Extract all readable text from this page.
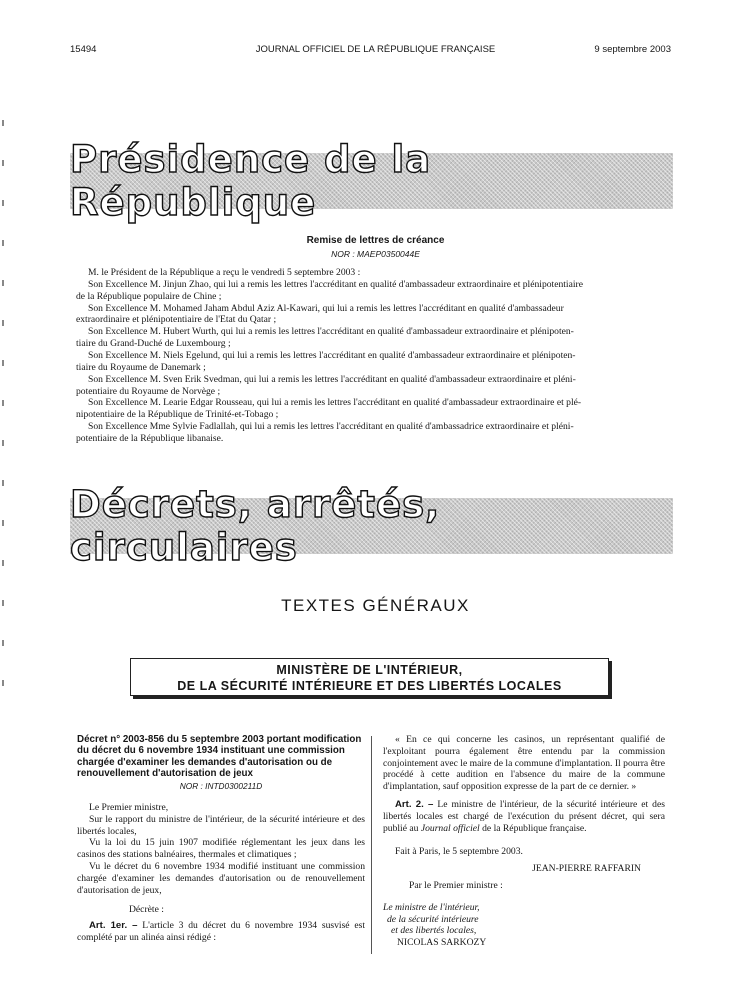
15494	JOURNAL OFFICIEL DE LA RÉPUBLIQUE FRANÇAISE	9 septembre 2003
Présidence de la République
Remise de lettres de créance
NOR : MAEP0350044E
M. le Président de la République a reçu le vendredi 5 septembre 2003 :
Son Excellence M. Jinjun Zhao, qui lui a remis les lettres l'accréditant en qualité d'ambassadeur extraordinaire et plénipotentiaire
de la République populaire de Chine ;
Son Excellence M. Mohamed Jaham Abdul Aziz Al-Kawari, qui lui a remis les lettres l'accréditant en qualité d'ambassadeur
extraordinaire et plénipotentiaire de l'Etat du Qatar ;
Son Excellence M. Hubert Wurth, qui lui a remis les lettres l'accréditant en qualité d'ambassadeur extraordinaire et plénipoten-
tiaire du Grand-Duché de Luxembourg ;
Son Excellence M. Niels Egelund, qui lui a remis les lettres l'accréditant en qualité d'ambassadeur extraordinaire et plénipoten-
tiaire du Royaume de Danemark ;
Son Excellence M. Sven Erik Svedman, qui lui a remis les lettres l'accréditant en qualité d'ambassadeur extraordinaire et pléni-
potentiaire du Royaume de Norvège ;
Son Excellence M. Learie Edgar Rousseau, qui lui a remis les lettres l'accréditant en qualité d'ambassadeur extraordinaire et plé-
nipotentiaire de la République de Trinité-et-Tobago ;
Son Excellence Mme Sylvie Fadlallah, qui lui a remis les lettres l'accréditant en qualité d'ambassadrice extraordinaire et pléni-
potentiaire de la République libanaise.
Décrets, arrêtés, circulaires
TEXTES GÉNÉRAUX
MINISTÈRE DE L'INTÉRIEUR,
DE LA SÉCURITÉ INTÉRIEURE ET DES LIBERTÉS LOCALES

Décret n° 2003-856 du 5 septembre 2003 portant modification du décret du 6 novembre 1934 instituant une commission chargée d'examiner les demandes d'autorisation ou de renouvellement d'autorisation de jeux

NOR : INTD0300211D

Le Premier ministre,

Sur le rapport du ministre de l'intérieur, de la sécurité intérieure et des libertés locales,

Vu la loi du 15 juin 1907 modifiée réglementant les jeux dans les casinos des stations balnéaires, thermales et climatiques ;

Vu le décret du 6 novembre 1934 modifié instituant une commission chargée d'examiner les demandes d'autorisation ou de renouvellement d'autorisation de jeux,

Décrète :

Art. 1er. – L'article 3 du décret du 6 novembre 1934 susvisé est complété par un alinéa ainsi rédigé :

« En ce qui concerne les casinos, un représentant qualifié de l'exploitant pourra également être entendu par la commission conjointement avec le maire de la commune d'implantation. Il pourra être procédé à cette audition en l'absence du maire de la commune d'implantation, sauf opposition expresse de la part de ce dernier. »

Art. 2. – Le ministre de l'intérieur, de la sécurité intérieure et des libertés locales est chargé de l'exécution du présent décret, qui sera publié au Journal officiel de la République française.

Fait à Paris, le 5 septembre 2003.

JEAN-PIERRE RAFFARIN

Par le Premier ministre :

Le ministre de l'intérieur,

de la sécurité intérieure

et des libertés locales,

NICOLAS SARKOZY
